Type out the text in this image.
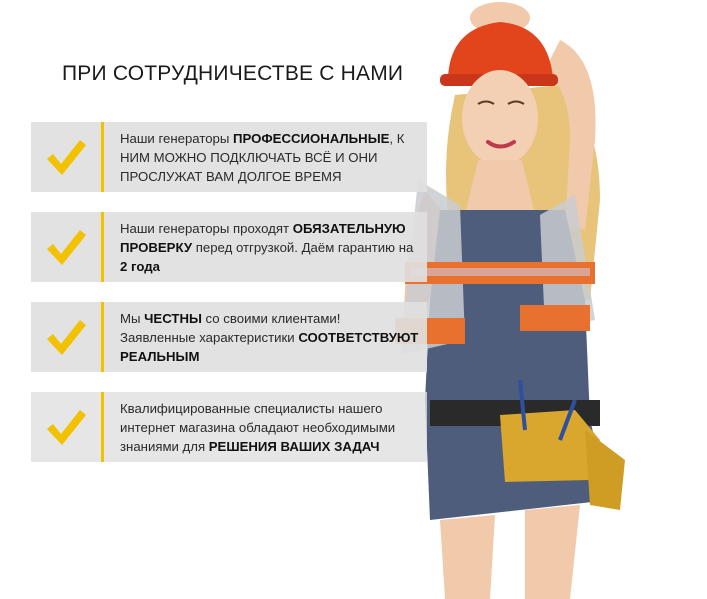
ПРИ СОТРУДНИЧЕСТВЕ С НАМИ
Наши генераторы ПРОФЕССИОНАЛЬНЫЕ, К НИМ МОЖНО ПОДКЛЮЧАТЬ ВСЁ И ОНИ ПРОСЛУЖАТ ВАМ ДОЛГОЕ ВРЕМЯ
Наши генераторы проходят ОБЯЗАТЕЛЬНУЮ ПРОВЕРКУ перед отгрузкой. Даём гарантию на 2 года
Мы ЧЕСТНЫ со своими клиентами! Заявленные характеристики СООТВЕТСТВУЮТ РЕАЛЬНЫМ
Квалифицированные специалисты нашего интернет магазина обладают необходимыми знаниями для РЕШЕНИЯ ВАШИХ ЗАДАЧ
